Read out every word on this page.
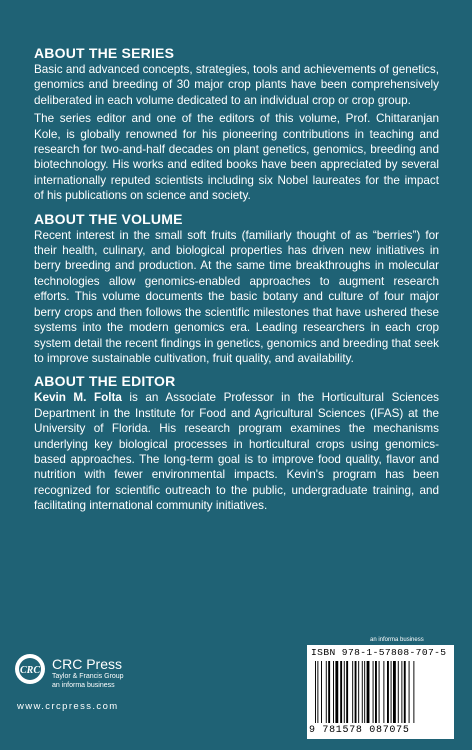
ABOUT THE SERIES

Basic and advanced concepts, strategies, tools and achievements of genetics, genomics and breeding of 30 major crop plants have been comprehensively deliberated in each volume dedicated to an individual crop or crop group.

The series editor and one of the editors of this volume, Prof. Chittaranjan Kole, is globally renowned for his pioneering contributions in teaching and research for two-and-half decades on plant genetics, genomics, breeding and biotechnology. His works and edited books have been appreciated by several internationally reputed scientists including six Nobel laureates for the impact of his publications on science and society.

ABOUT THE VOLUME

Recent interest in the small soft fruits (familiarly thought of as “berries”) for their health, culinary, and biological properties has driven new initiatives in berry breeding and production. At the same time breakthroughs in molecular technologies allow genomics-enabled approaches to augment research efforts. This volume documents the basic botany and culture of four major berry crops and then follows the scientific milestones that have ushered these systems into the modern genomics era. Leading researchers in each crop system detail the recent findings in genetics, genomics and breeding that seek to improve sustainable cultivation, fruit quality, and availability.

ABOUT THE EDITOR

Kevin M. Folta is an Associate Professor in the Horticultural Sciences Department in the Institute for Food and Agricultural Sciences (IFAS) at the University of Florida. His research program examines the mechanisms underlying key biological processes in horticultural crops using genomics-based approaches. The long-term goal is to improve food quality, flavor and nutrition with fewer environmental impacts. Kevin's program has been recognized for scientific outreach to the public, undergraduate training, and facilitating international community initiatives.

an informa business
ISBN 978-1-57808-707-5
9 781578 087075
CRC CRC Press
Taylor & Francis Group
an informa business
www.crcpress.com
